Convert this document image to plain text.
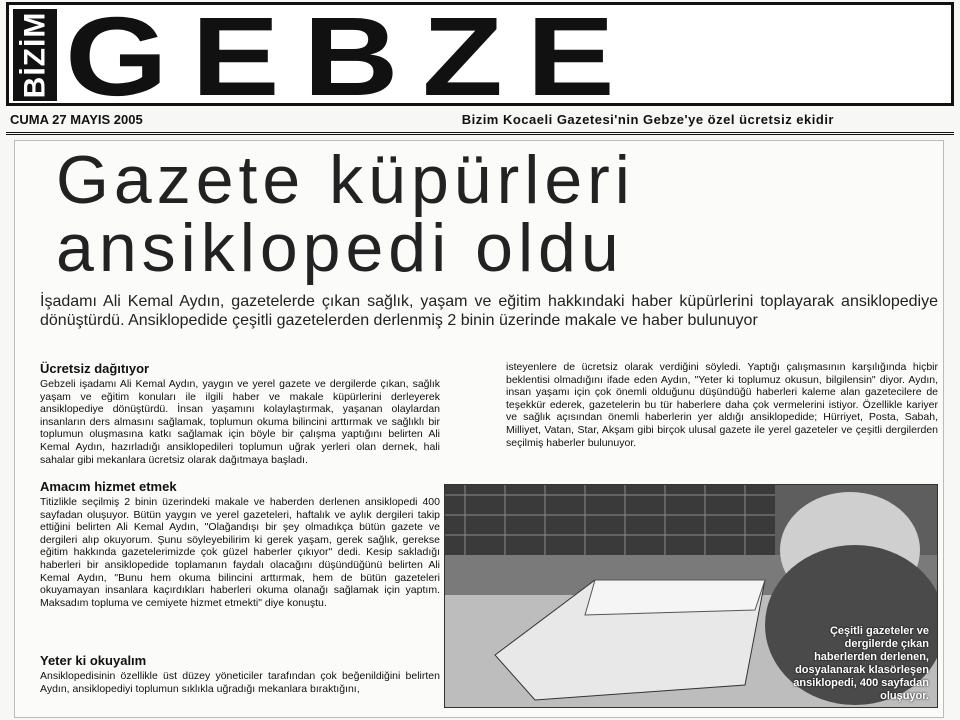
BİZİM GEBZE
CUMA 27 MAYIS 2005	Bizim Kocaeli Gazetesi'nin Gebze'ye özel ücretsiz ekidir
Gazete küpürleri
ansiklopedi oldu
İşadamı Ali Kemal Aydın, gazetelerde çıkan sağlık, yaşam ve eğitim hakkındaki haber küpürlerini toplayarak ansiklopediye dönüştürdü. Ansiklopedide çeşitli gazetelerden derlenmiş 2 binin üzerinde makale ve haber bulunuyor
Ücretsiz dağıtıyor
Gebzeli işadamı Ali Kemal Aydın, yaygın ve yerel gazete ve dergilerde çıkan, sağlık yaşam ve eğitim konuları ile ilgili haber ve makale küpürlerini derleyerek ansiklopediye dönüştürdü. İnsan yaşamını kolaylaştırmak, yaşanan olaylardan insanların ders almasını sağlamak, toplumun okuma bilincini arttırmak ve sağlıklı bir toplumun oluşmasına katkı sağlamak için böyle bir çalışma yaptığını belirten Ali Kemal Aydın, hazırladığı ansiklopedileri toplumun uğrak yerleri olan dernek, hali sahalar gibi mekanlara ücretsiz olarak dağıtmaya başladı.
Amacım hizmet etmek
Titizlikle seçilmiş 2 binin üzerindeki makale ve haberden derlenen ansiklopedi 400 sayfadan oluşuyor. Bütün yaygın ve yerel gazeteleri, haftalık ve aylık dergileri takip ettiğini belirten Ali Kemal Aydın, "Olağandışı bir şey olmadıkça bütün gazete ve dergileri alıp okuyorum. Şunu söyleyebilirim ki gerek yaşam, gerek sağlık, gerekse eğitim hakkında gazetelerimizde çok güzel haberler çıkıyor" dedi. Kesip sakladığı haberleri bir ansiklopedide toplamanın faydalı olacağını düşündüğünü belirten Ali Kemal Aydın, "Bunu hem okuma bilincini arttırmak, hem de bütün gazeteleri okuyamayan insanlara kaçırdıkları haberleri okuma olanağı sağlamak için yaptım. Maksadım topluma ve cemiyete hizmet etmekti" diye konuştu.
Yeter ki okuyalım
Ansiklopedisinin özellikle üst düzey yöneticiler tarafından çok beğenildiğini belirten Aydın, ansiklopediyi toplumun sıklıkla uğradığı mekanlara bıraktığını,
isteyenlere de ücretsiz olarak verdiğini söyledi. Yaptığı çalışmasının karşılığında hiçbir beklentisi olmadığını ifade eden Aydın, "Yeter ki toplumuz okusun, bilgilensin" diyor. Aydın, insan yaşamı için çok önemli olduğunu düşündüğü haberleri kaleme alan gazetecilere de teşekkür ederek, gazetelerin bu tür haberlere daha çok vermelerini istiyor. Özellikle kariyer ve sağlık açısından önemli haberlerin yer aldığı ansiklopedide; Hürriyet, Posta, Sabah, Milliyet, Vatan, Star, Akşam gibi birçok ulusal gazete ile yerel gazeteler ve çeşitli dergilerden seçilmiş haberler bulunuyor.
Çeşitli gazeteler ve dergilerde çıkan haberlerden derlenen, dosyalanarak klasörleşen ansiklopedi, 400 sayfadan oluşuyor.
